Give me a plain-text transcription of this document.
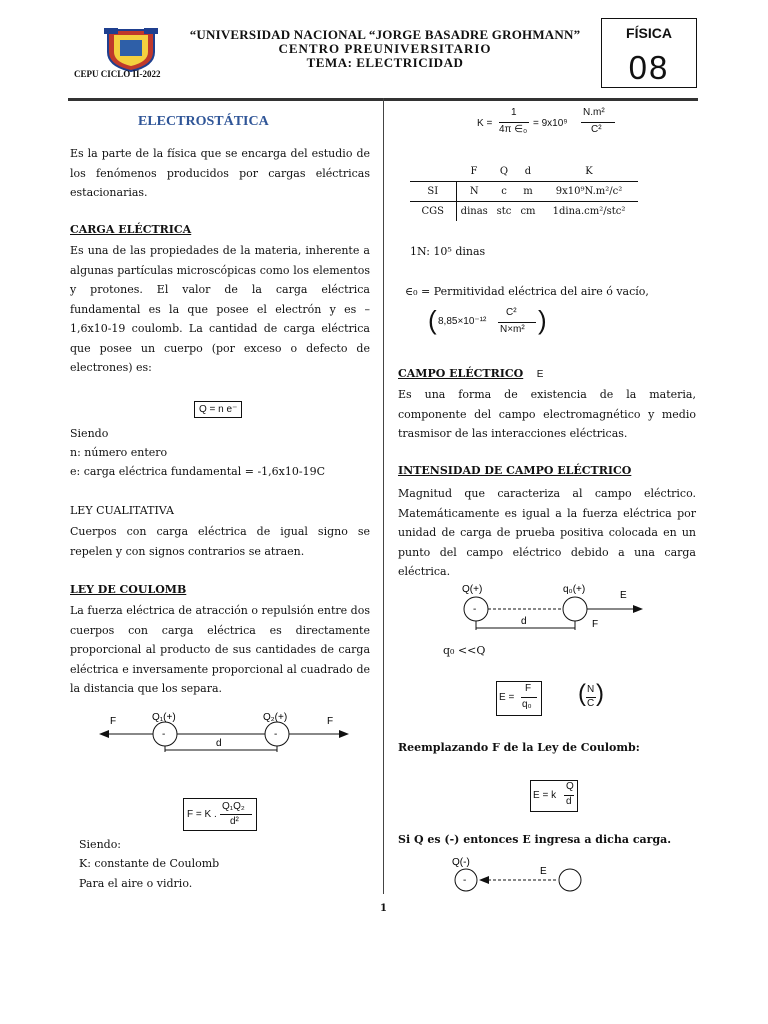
“UNIVERSIDAD NACIONAL “JORGE BASADRE GROHMANN”
CENTRO PREUNIVERSITARIO
TEMA: ELECTRICIDAD
CEPU CICLO II-2022
FÍSICA
08
ELECTROSTÁTICA
Es la parte de la física que se encarga del estudio de los fenómenos producidos por cargas eléctricas estacionarias.
CARGA ELÉCTRICA
Es una de las propiedades de la materia, inherente a algunas partículas microscópicas como los elementos y protones. El valor de la carga eléctrica fundamental es la que posee el electrón y es – 1,6x10-19 coulomb. La cantidad de carga eléctrica que posee un cuerpo (por exceso o defecto de electrones) es:
Q = n e⁻
Siendo
n: número entero
e: carga eléctrica fundamental = -1,6x10-19C
LEY CUALITATIVA
Cuerpos con carga eléctrica de igual signo se repelen y con signos contrarios se atraen.
LEY DE COULOMB
La fuerza eléctrica de atracción o repulsión entre dos cuerpos con carga eléctrica es directamente proporcional al producto de sus cantidades de carga eléctrica e inversamente proporcional al cuadrado de la distancia que los separa.
F	Q₁(+)	Q₂(+)	F
d
-	-
F = K .
Q₁Q₂
d²
Siendo:
K: constante de Coulomb
Para el aire o vidrio.
K =
1
4π ∈₀
= 9x10⁹
N.m²
C²
	F	Q	d	K
SI	N	c	m	9x10⁹N.m²/c²
CGS	dinas	stc	cm	1dina.cm²/stc²
1N: 10⁵ dinas
∈₀ = Permitividad eléctrica del aire ó vacío,
( 8,85×10⁻¹²
C²
N×m² )
CAMPO ELÉCTRICO E
Es una forma de existencia de la materia, componente del campo electromagnético y medio trasmisor de las interacciones eléctricas.
INTENSIDAD DE CAMPO ELÉCTRICO
Magnitud que caracteriza al campo eléctrico. Matemáticamente es igual a la fuerza eléctrica por unidad de carga de prueba positiva colocada en un punto del campo eléctrico debido a una carga eléctrica.
Q(+)	q₀(+)
E
d	F
-
q₀ <<Q
E =
F
q₀ ( N
C )
Reemplazando F de la Ley de Coulomb:
E = k
Q
d
Si Q es (-) entonces E ingresa a dicha carga.
Q(-)
E
-
1
